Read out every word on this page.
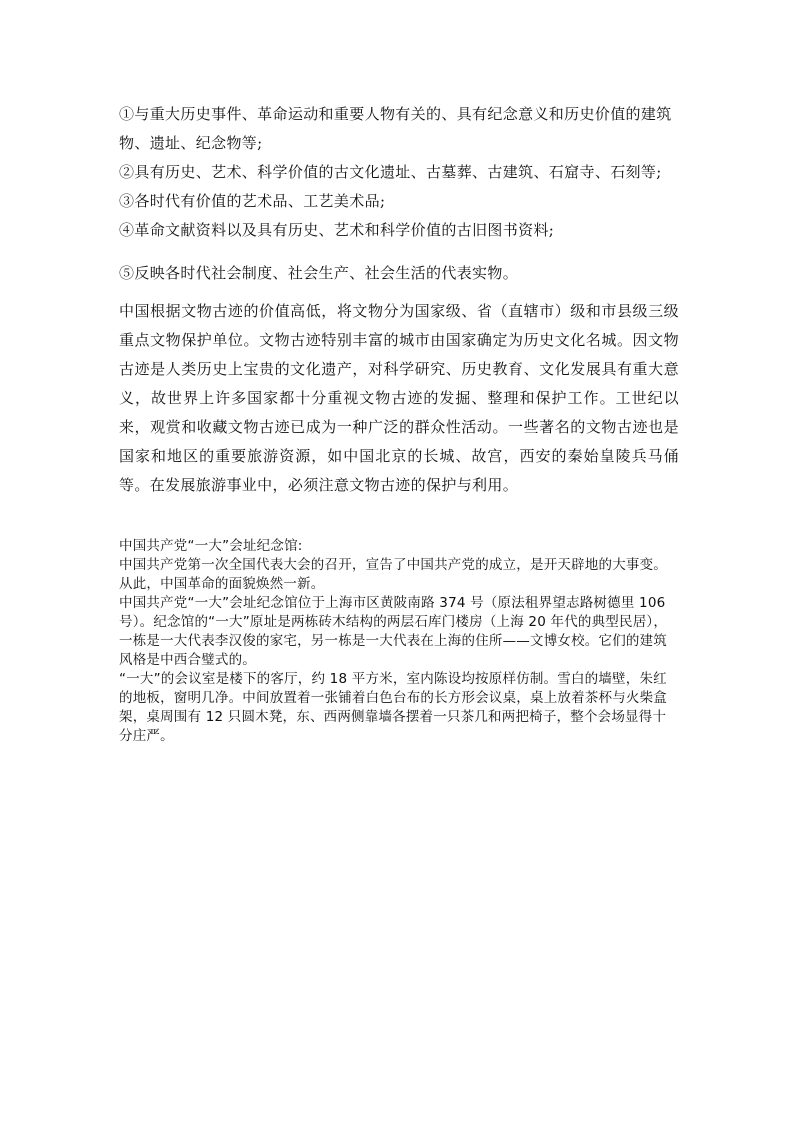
①与重大历史事件、革命运动和重要人物有关的、具有纪念意义和历史价值的建筑物、遗址、纪念物等;

②具有历史、艺术、科学价值的古文化遗址、古墓葬、古建筑、石窟寺、石刻等;

③各时代有价值的艺术品、工艺美术品;

④革命文献资料以及具有历史、艺术和科学价值的古旧图书资料;

⑤反映各时代社会制度、社会生产、社会生活的代表实物。

中国根据文物古迹的价值高低，将文物分为国家级、省（直辖市）级和市县级三级重点文物保护单位。文物古迹特别丰富的城市由国家确定为历史文化名城。因文物古迹是人类历史上宝贵的文化遗产，对科学研究、历史教育、文化发展具有重大意义，故世界上许多国家都十分重视文物古迹的发掘、整理和保护工作。工世纪以来，观赏和收藏文物古迹已成为一种广泛的群众性活动。一些著名的文物古迹也是国家和地区的重要旅游资源，如中国北京的长城、故宫，西安的秦始皇陵兵马俑等。在发展旅游事业中，必须注意文物古迹的保护与利用。

中国共产党“一大”会址纪念馆:

中国共产党第一次全国代表大会的召开，宣告了中国共产党的成立，是开天辟地的大事变。从此，中国革命的面貌焕然一新。

中国共产党“一大”会址纪念馆位于上海市区黄陂南路 374 号（原法租界望志路树德里 106 号）。纪念馆的“一大”原址是两栋砖木结构的两层石库门楼房（上海 20 年代的典型民居），一栋是一大代表李汉俊的家宅，另一栋是一大代表在上海的住所——文博女校。它们的建筑风格是中西合璧式的。

“一大”的会议室是楼下的客厅，约 18 平方米，室内陈设均按原样仿制。雪白的墙壁，朱红的地板，窗明几净。中间放置着一张铺着白色台布的长方形会议桌，桌上放着茶杯与火柴盒架，桌周围有 12 只圆木凳，东、西两侧靠墙各摆着一只茶几和两把椅子，整个会场显得十分庄严。
